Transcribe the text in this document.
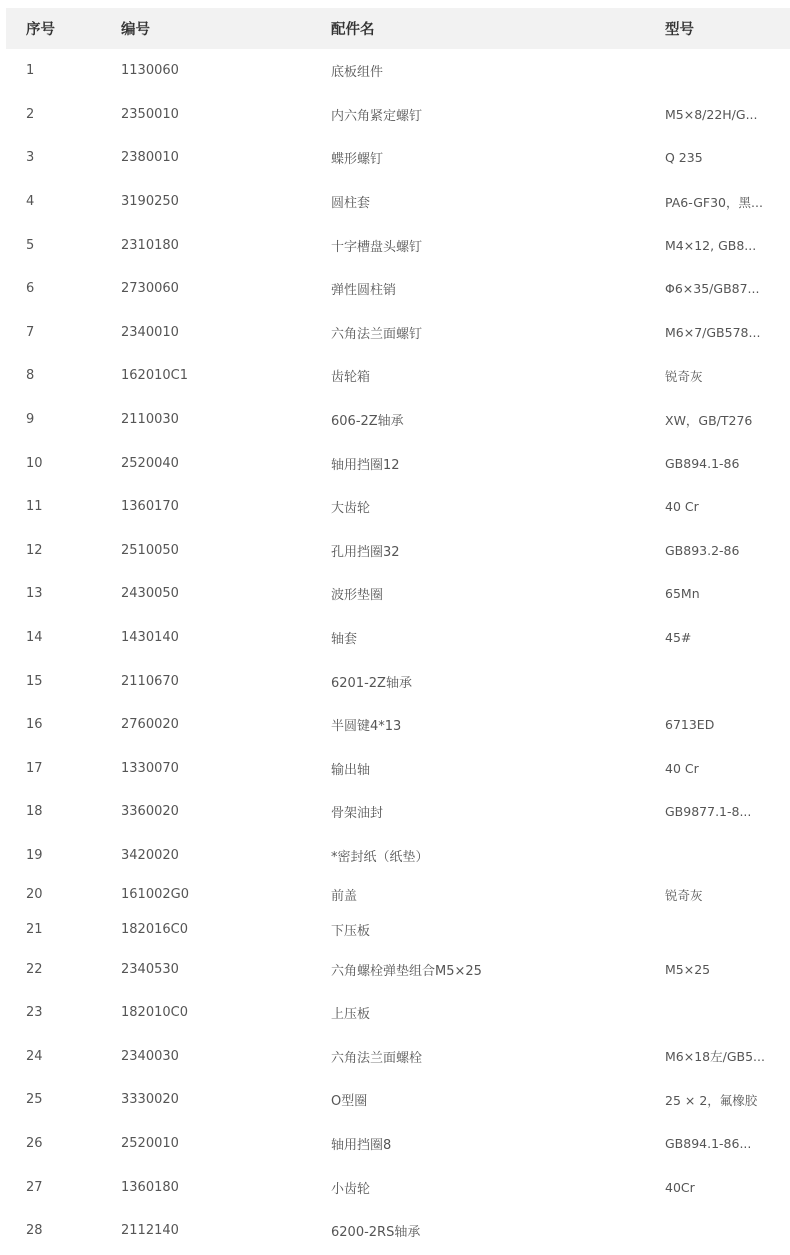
序号	编号	配件名	型号
1	1130060	底板组件	
2	2350010	内六角紧定螺钉	M5×8/22H/G...
3	2380010	蝶形螺钉	Q 235
4	3190250	圆柱套	PA6-GF30，黑...
5	2310180	十字槽盘头螺钉	M4×12, GB8...
6	2730060	弹性圆柱销	Φ6×35/GB87...
7	2340010	六角法兰面螺钉	M6×7/GB578...
8	162010C1	齿轮箱	锐奇灰
9	2110030	606-2Z轴承	XW，GB/T276
10	2520040	轴用挡圈12	GB894.1-86
11	1360170	大齿轮	40 Cr
12	2510050	孔用挡圈32	GB893.2-86
13	2430050	波形垫圈	65Mn
14	1430140	轴套	45#
15	2110670	6201-2Z轴承	
16	2760020	半圆键4*13	6713ED
17	1330070	输出轴	40 Cr
18	3360020	骨架油封	GB9877.1-8...
19	3420020	*密封纸（纸垫）	
20	161002G0	前盖	锐奇灰
21	182016C0	下压板	
22	2340530	六角螺栓弹垫组合M5×25	M5×25
23	182010C0	上压板	
24	2340030	六角法兰面螺栓	M6×18左/GB5...
25	3330020	O型圈	25 × 2，氟橡胶
26	2520010	轴用挡圈8	GB894.1-86...
27	1360180	小齿轮	40Cr
28	2112140	6200-2RS轴承	
